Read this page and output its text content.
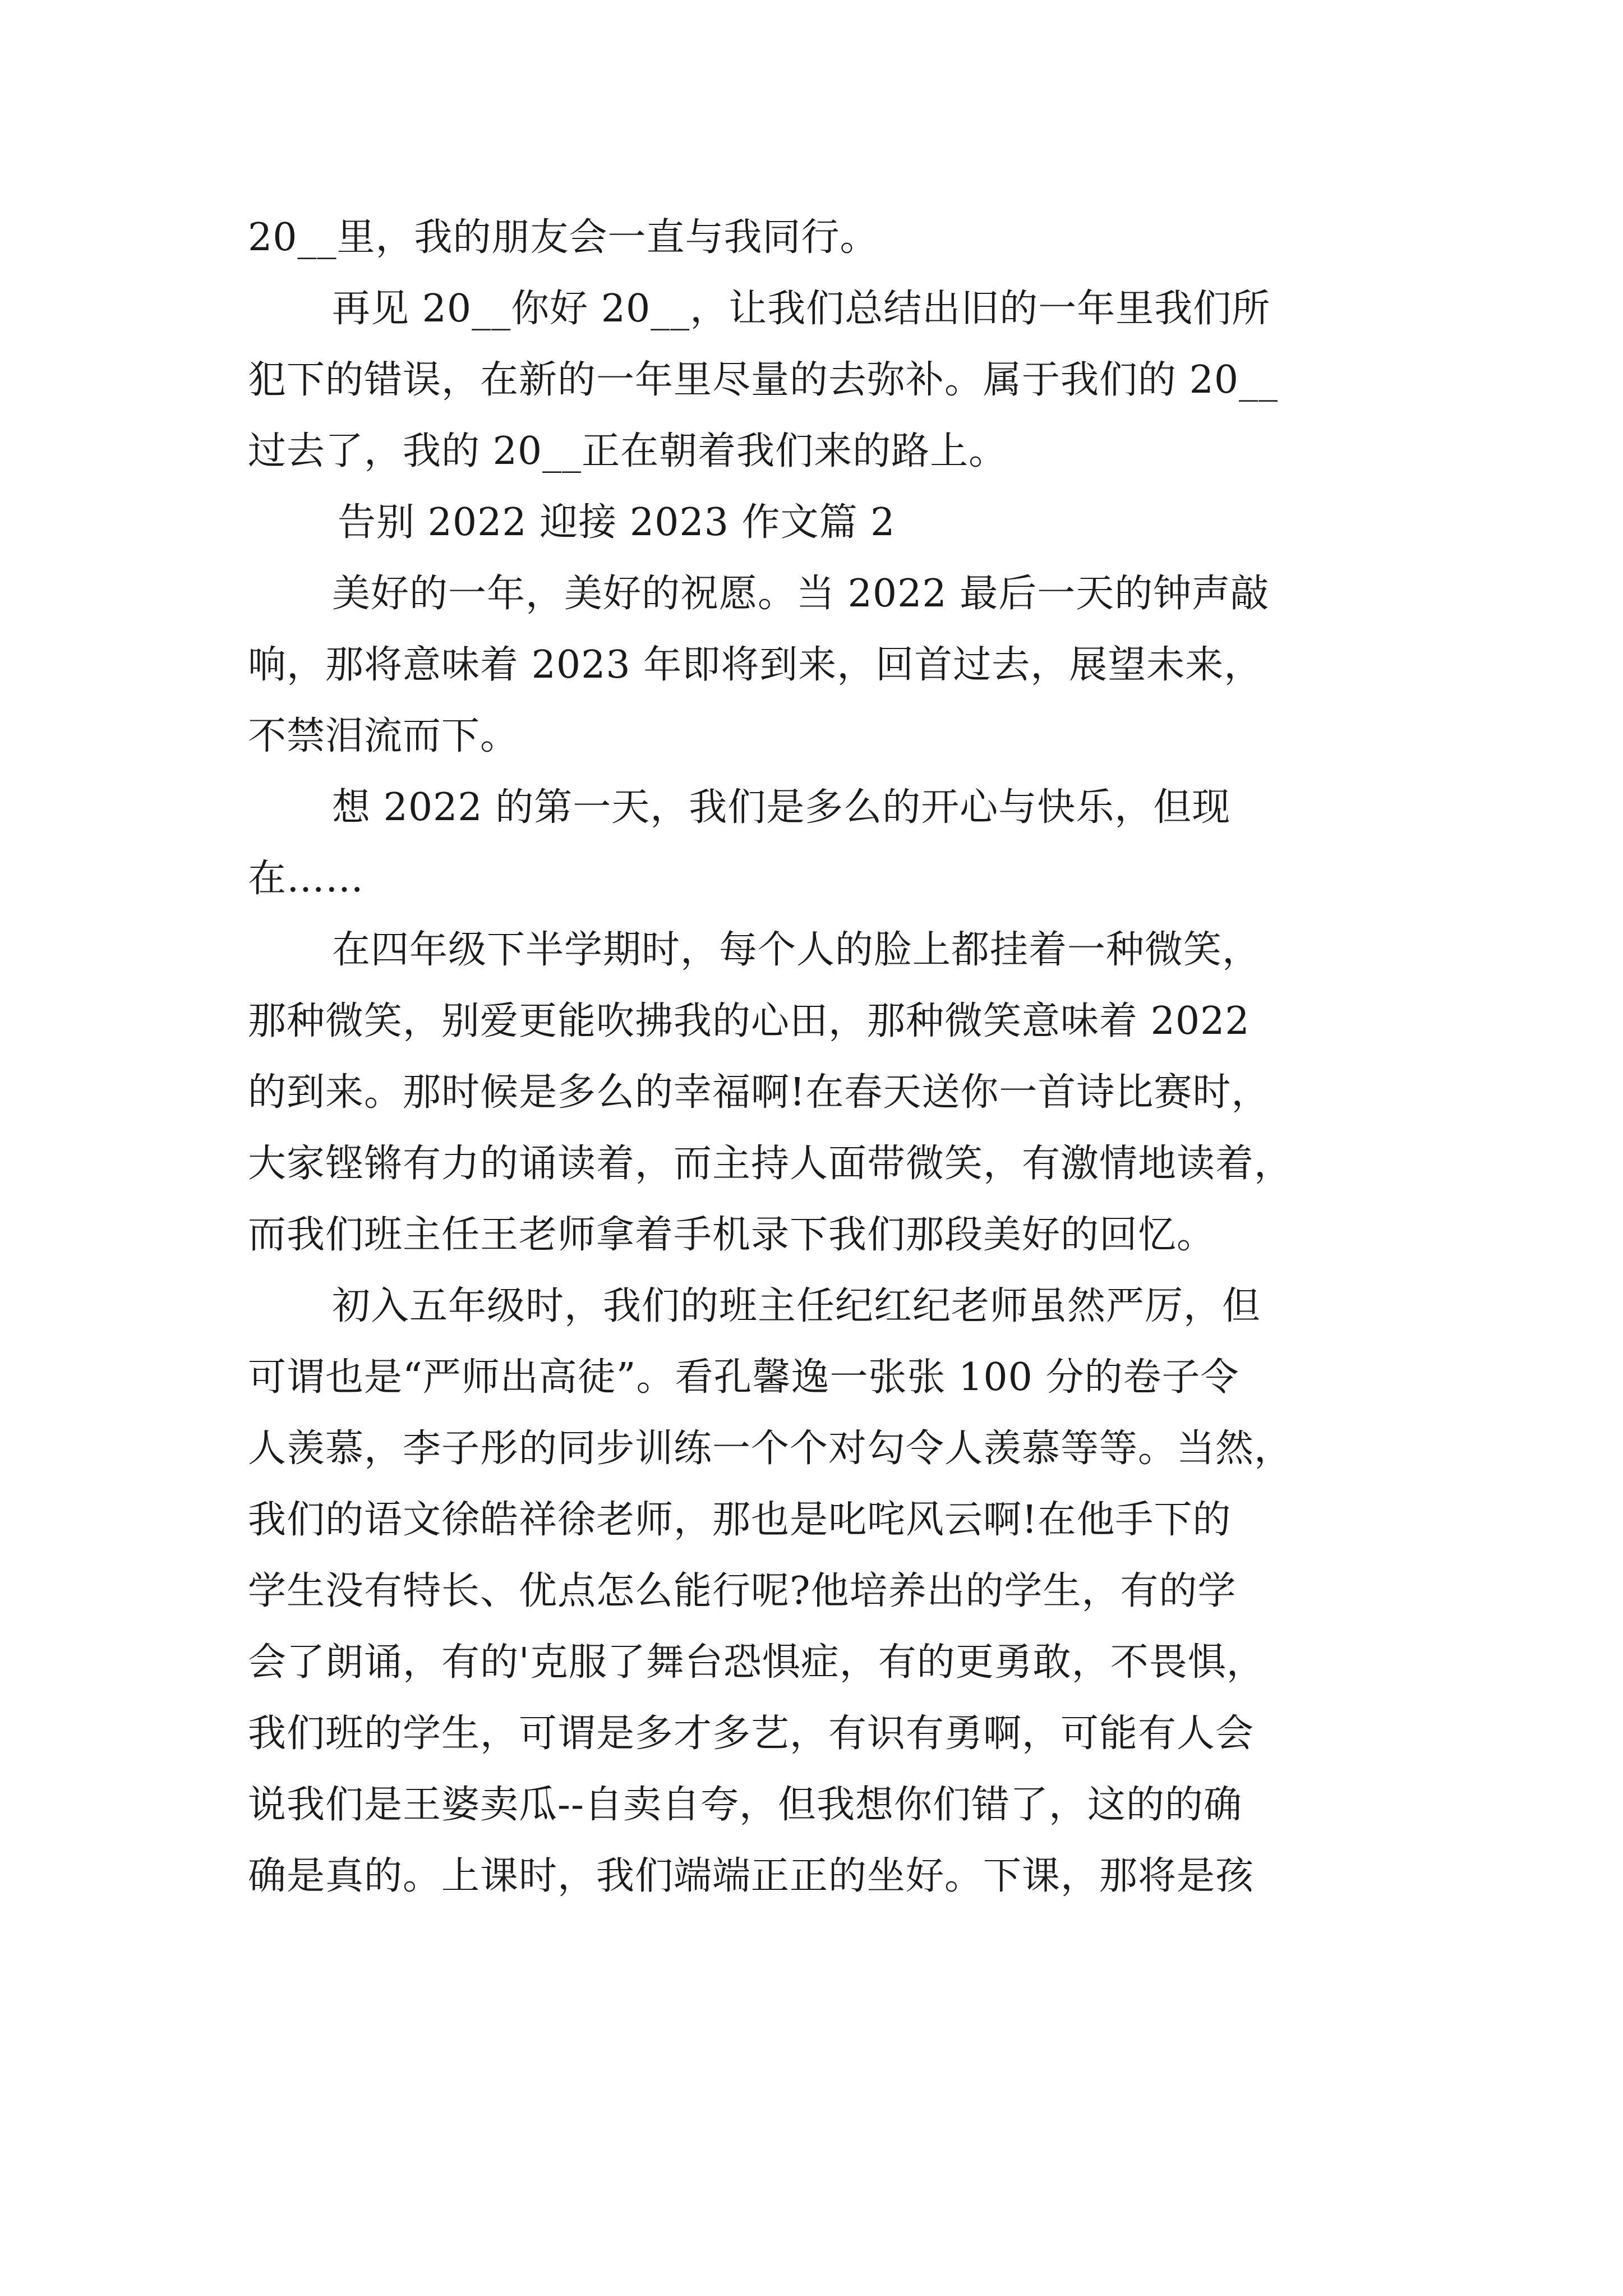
20__里，我的朋友会一直与我同行。
再见 20__你好 20__，让我们总结出旧的一年里我们所
犯下的错误，在新的一年里尽量的去弥补。属于我们的 20__
过去了，我的 20__正在朝着我们来的路上。
告别 2022 迎接 2023 作文篇 2
美好的一年，美好的祝愿。当 2022 最后一天的钟声敲
响，那将意味着 2023 年即将到来，回首过去，展望未来，
不禁泪流而下。
想 2022 的第一天，我们是多么的开心与快乐，但现
在……
在四年级下半学期时，每个人的脸上都挂着一种微笑，
那种微笑，别爱更能吹拂我的心田，那种微笑意味着 2022
的到来。那时候是多么的幸福啊!在春天送你一首诗比赛时，
大家铿锵有力的诵读着，而主持人面带微笑，有激情地读着，
而我们班主任王老师拿着手机录下我们那段美好的回忆。
初入五年级时，我们的班主任纪红纪老师虽然严厉，但
可谓也是“严师出高徒”。看孔馨逸一张张 100 分的卷子令
人羡慕，李子彤的同步训练一个个对勾令人羡慕等等。当然，
我们的语文徐皓祥徐老师，那也是叱咤风云啊!在他手下的
学生没有特长、优点怎么能行呢?他培养出的学生，有的学
会了朗诵，有的'克服了舞台恐惧症，有的更勇敢，不畏惧，
我们班的学生，可谓是多才多艺，有识有勇啊，可能有人会
说我们是王婆卖瓜--自卖自夸，但我想你们错了，这的的确
确是真的。上课时，我们端端正正的坐好。下课，那将是孩
